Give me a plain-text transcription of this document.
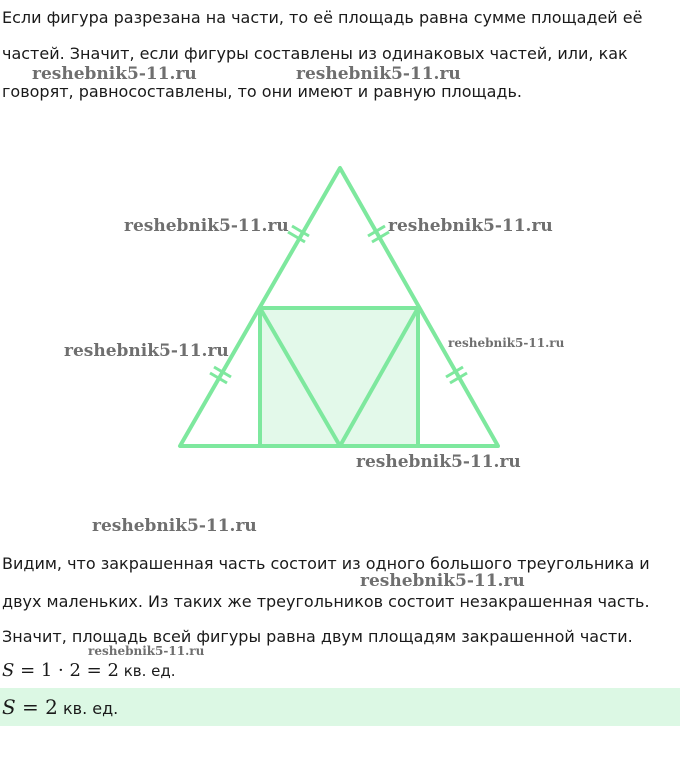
Если фигура разрезана на части, то её площадь равна сумме площадей её
частей. Значит, если фигуры составлены из одинаковых частей, или, как
говорят, равносоставлены, то они имеют и равную площадь.
reshebnik5-11.ru	reshebnik5-11.ru
reshebnik5-11.ru	reshebnik5-11.ru
reshebnik5-11.ru	reshebnik5-11.ru
reshebnik5-11.ru
reshebnik5-11.ru
Видим, что закрашенная часть состоит из одного большого треугольника и
reshebnik5-11.ru
двух маленьких. Из таких же треугольников состоит незакрашенная часть.
Значит, площадь всей фигуры равна двум площадям закрашенной части.
reshebnik5-11.ru
S = 1 · 2 = 2 кв. ед.
S = 2 кв. ед.
